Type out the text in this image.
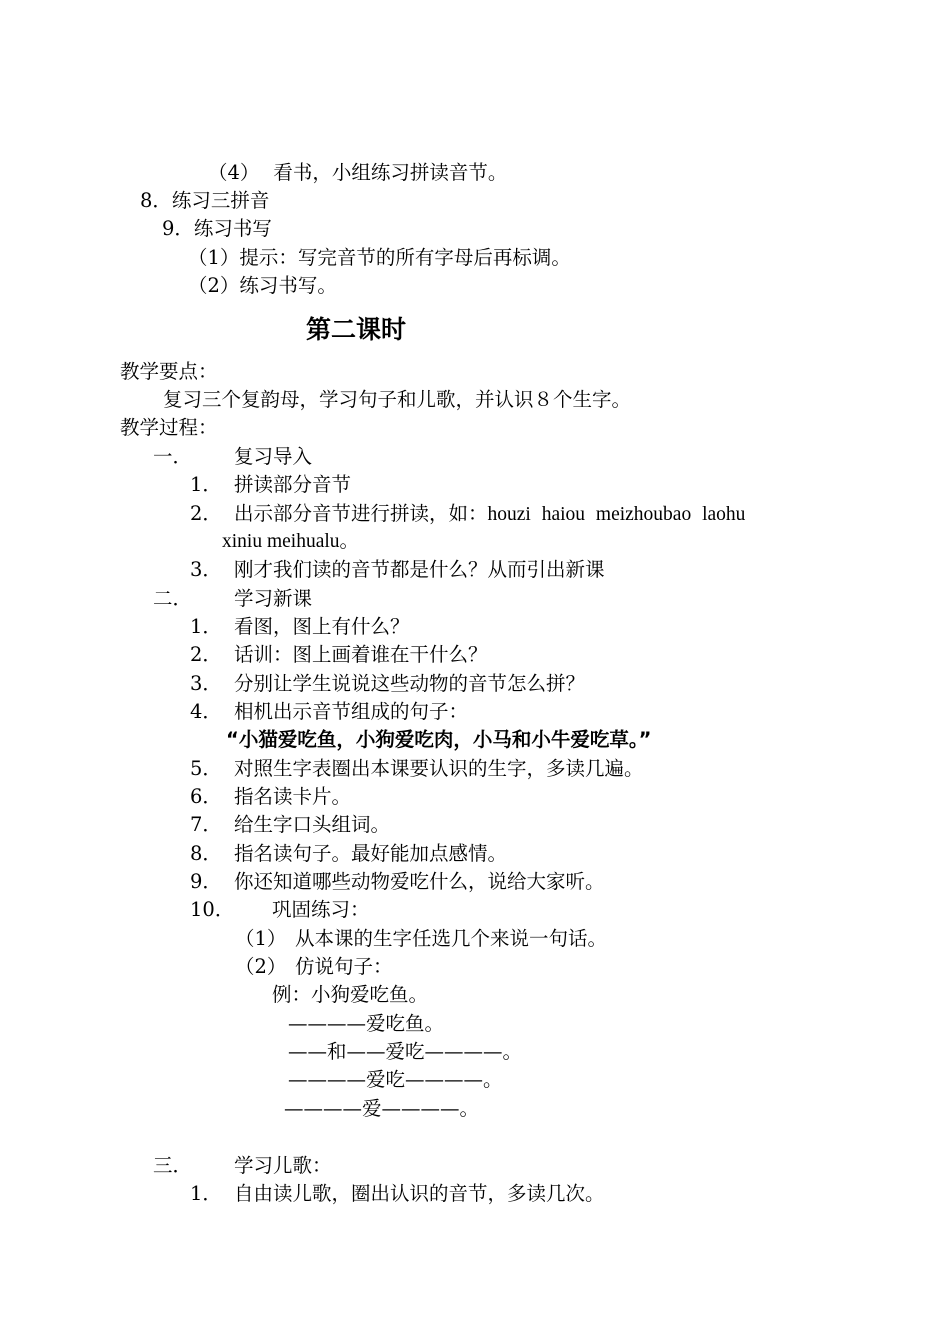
（4） 看书，小组练习拼读音节。

8．练习三拼音

9．练习书写

（1）提示：写完音节的所有字母后再标调。

（2）练习书写。

第二课时

教学要点：

复习三个复韵母，学习句子和儿歌，并认识８个生字。

教学过程：

一． 复习导入

1． 拼读部分音节

2． 出示部分音节进行拼读，如：houzi haiou meizhoubao laohu

xiniu meihualu。

3． 刚才我们读的音节都是什么？从而引出新课

二． 学习新课

1． 看图，图上有什么？

2． 话训：图上画着谁在干什么？

3． 分别让学生说说这些动物的音节怎么拼？

4． 相机出示音节组成的句子：

“小猫爱吃鱼，小狗爱吃肉，小马和小牛爱吃草。”

5． 对照生字表圈出本课要认识的生字，多读几遍。

6． 指名读卡片。

7． 给生字口头组词。

8． 指名读句子。最好能加点感情。

9． 你还知道哪些动物爱吃什么，说给大家听。

10． 巩固练习：

（1） 从本课的生字任选几个来说一句话。

（2） 仿说句子：

例：小狗爱吃鱼。

————爱吃鱼。

——和——爱吃————。

————爱吃————。

————爱————。

三． 学习儿歌：

1． 自由读儿歌，圈出认识的音节，多读几次。
